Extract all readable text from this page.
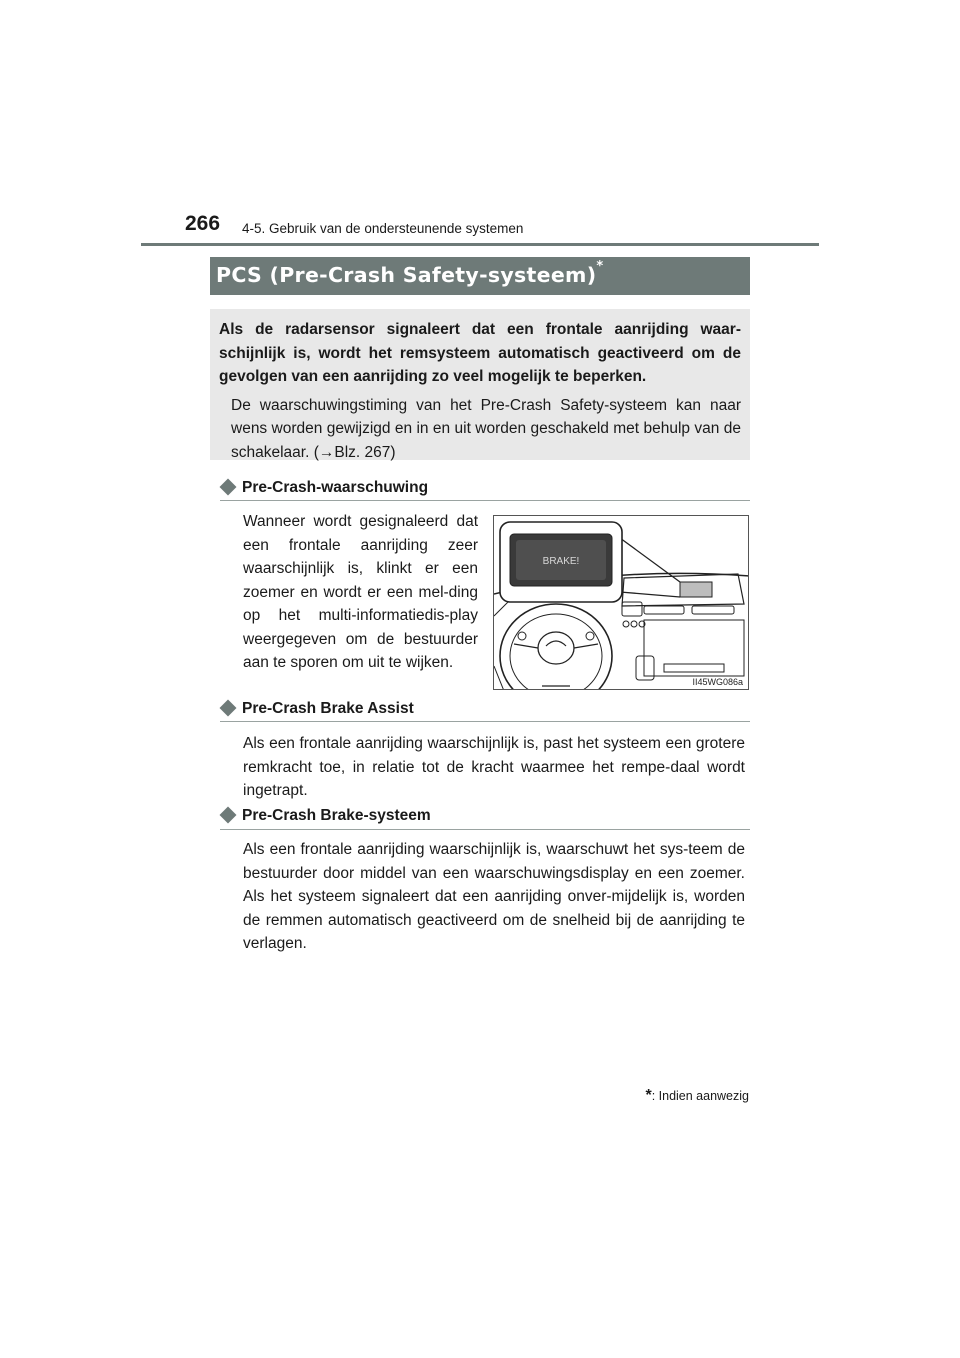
266 4-5. Gebruik van de ondersteunende systemen
PCS (Pre-Crash Safety-systeem)*
Als de radarsensor signaleert dat een frontale aanrijding waar-schijnlijk is, wordt het remsysteem automatisch geactiveerd om de gevolgen van een aanrijding zo veel mogelijk te beperken.
De waarschuwingstiming van het Pre-Crash Safety-systeem kan naar wens worden gewijzigd en in en uit worden geschakeld met behulp van de schakelaar. (→Blz. 267)
Pre-Crash-waarschuwing
Wanneer wordt gesignaleerd dat een frontale aanrijding zeer waarschijnlijk is, klinkt er een zoemer en wordt er een mel-ding op het multi-informatiedis-play weergegeven om de bestuurder aan te sporen om uit te wijken.
BRAKE!
II45WG086a
Pre-Crash Brake Assist
Als een frontale aanrijding waarschijnlijk is, past het systeem een grotere remkracht toe, in relatie tot de kracht waarmee het rempe-daal wordt ingetrapt.
Pre-Crash Brake-systeem
Als een frontale aanrijding waarschijnlijk is, waarschuwt het sys-teem de bestuurder door middel van een waarschuwingsdisplay en een zoemer. Als het systeem signaleert dat een aanrijding onver-mijdelijk is, worden de remmen automatisch geactiveerd om de snelheid bij de aanrijding te verlagen.
*: Indien aanwezig
